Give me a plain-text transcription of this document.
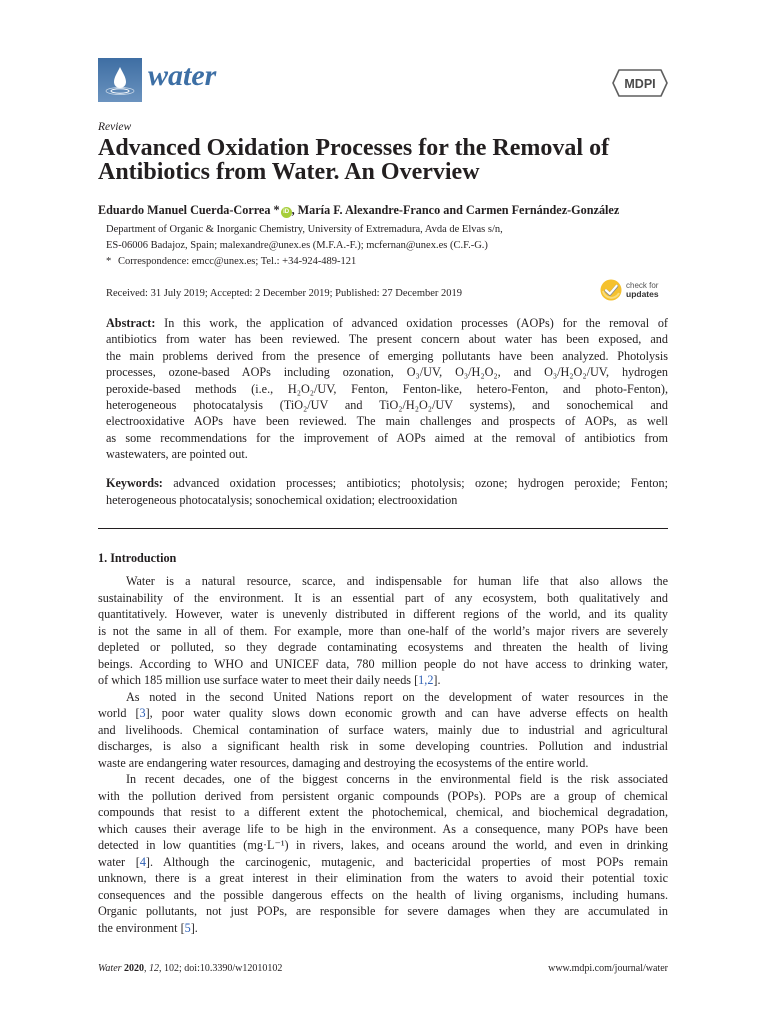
water	MDPI
Review
Advanced Oxidation Processes for the Removal of Antibiotics from Water. An Overview
Eduardo Manuel Cuerda-Correa * iD , María F. Alexandre-Franco and Carmen Fernández-González
Department of Organic & Inorganic Chemistry, University of Extremadura, Avda de Elvas s/n,
ES-06006 Badajoz, Spain; malexandre@unex.es (M.F.A.-F.); mcfernan@unex.es (C.F.-G.)
* Correspondence: emcc@unex.es; Tel.: +34-924-489-121
Received: 31 July 2019; Accepted: 2 December 2019; Published: 27 December 2019
check for
updates
Abstract: In this work, the application of advanced oxidation processes (AOPs) for the removal of
antibiotics from water has been reviewed. The present concern about water has been exposed, and
the main problems derived from the presence of emerging pollutants have been analyzed. Photolysis
processes, ozone-based AOPs including ozonation, O₃/UV, O₃/H₂O₂, and O₃/H₂O₂/UV, hydrogen
peroxide-based methods (i.e., H₂O₂/UV, Fenton, Fenton-like, hetero-Fenton, and photo-Fenton),
heterogeneous photocatalysis (TiO₂/UV and TiO₂/H₂O₂/UV systems), and sonochemical and
electrooxidative AOPs have been reviewed. The main challenges and prospects of AOPs, as well
as some recommendations for the improvement of AOPs aimed at the removal of antibiotics from
wastewaters, are pointed out.
Keywords: advanced oxidation processes; antibiotics; photolysis; ozone; hydrogen peroxide; Fenton;
heterogeneous photocatalysis; sonochemical oxidation; electrooxidation
1. Introduction
Water is a natural resource, scarce, and indispensable for human life that also allows the
sustainability of the environment. It is an essential part of any ecosystem, both qualitatively and
quantitatively. However, water is unevenly distributed in different regions of the world, and its quality
is not the same in all of them. For example, more than one-half of the world’s major rivers are severely
depleted or polluted, so they degrade contaminating ecosystems and threaten the health of living
beings. According to WHO and UNICEF data, 780 million people do not have access to drinking water,
of which 185 million use surface water to meet their daily needs [1,2].
As noted in the second United Nations report on the development of water resources in the
world [3], poor water quality slows down economic growth and can have adverse effects on health
and livelihoods. Chemical contamination of surface waters, mainly due to industrial and agricultural
discharges, is also a significant health risk in some developing countries. Pollution and industrial
waste are endangering water resources, damaging and destroying the ecosystems of the entire world.
In recent decades, one of the biggest concerns in the environmental field is the risk associated
with the pollution derived from persistent organic compounds (POPs). POPs are a group of chemical
compounds that resist to a different extent the photochemical, chemical, and biochemical degradation,
which causes their average life to be high in the environment. As a consequence, many POPs have been
detected in low quantities (mg·L⁻¹) in rivers, lakes, and oceans around the world, and even in drinking
water [4]. Although the carcinogenic, mutagenic, and bactericidal properties of most POPs remain
unknown, there is a great interest in their elimination from the waters to avoid their potential toxic
consequences and the possible dangerous effects on the health of living organisms, including humans.
Organic pollutants, not just POPs, are responsible for severe damages when they are accumulated in
the environment [5].
Water 2020, 12, 102; doi:10.3390/w12010102	www.mdpi.com/journal/water
